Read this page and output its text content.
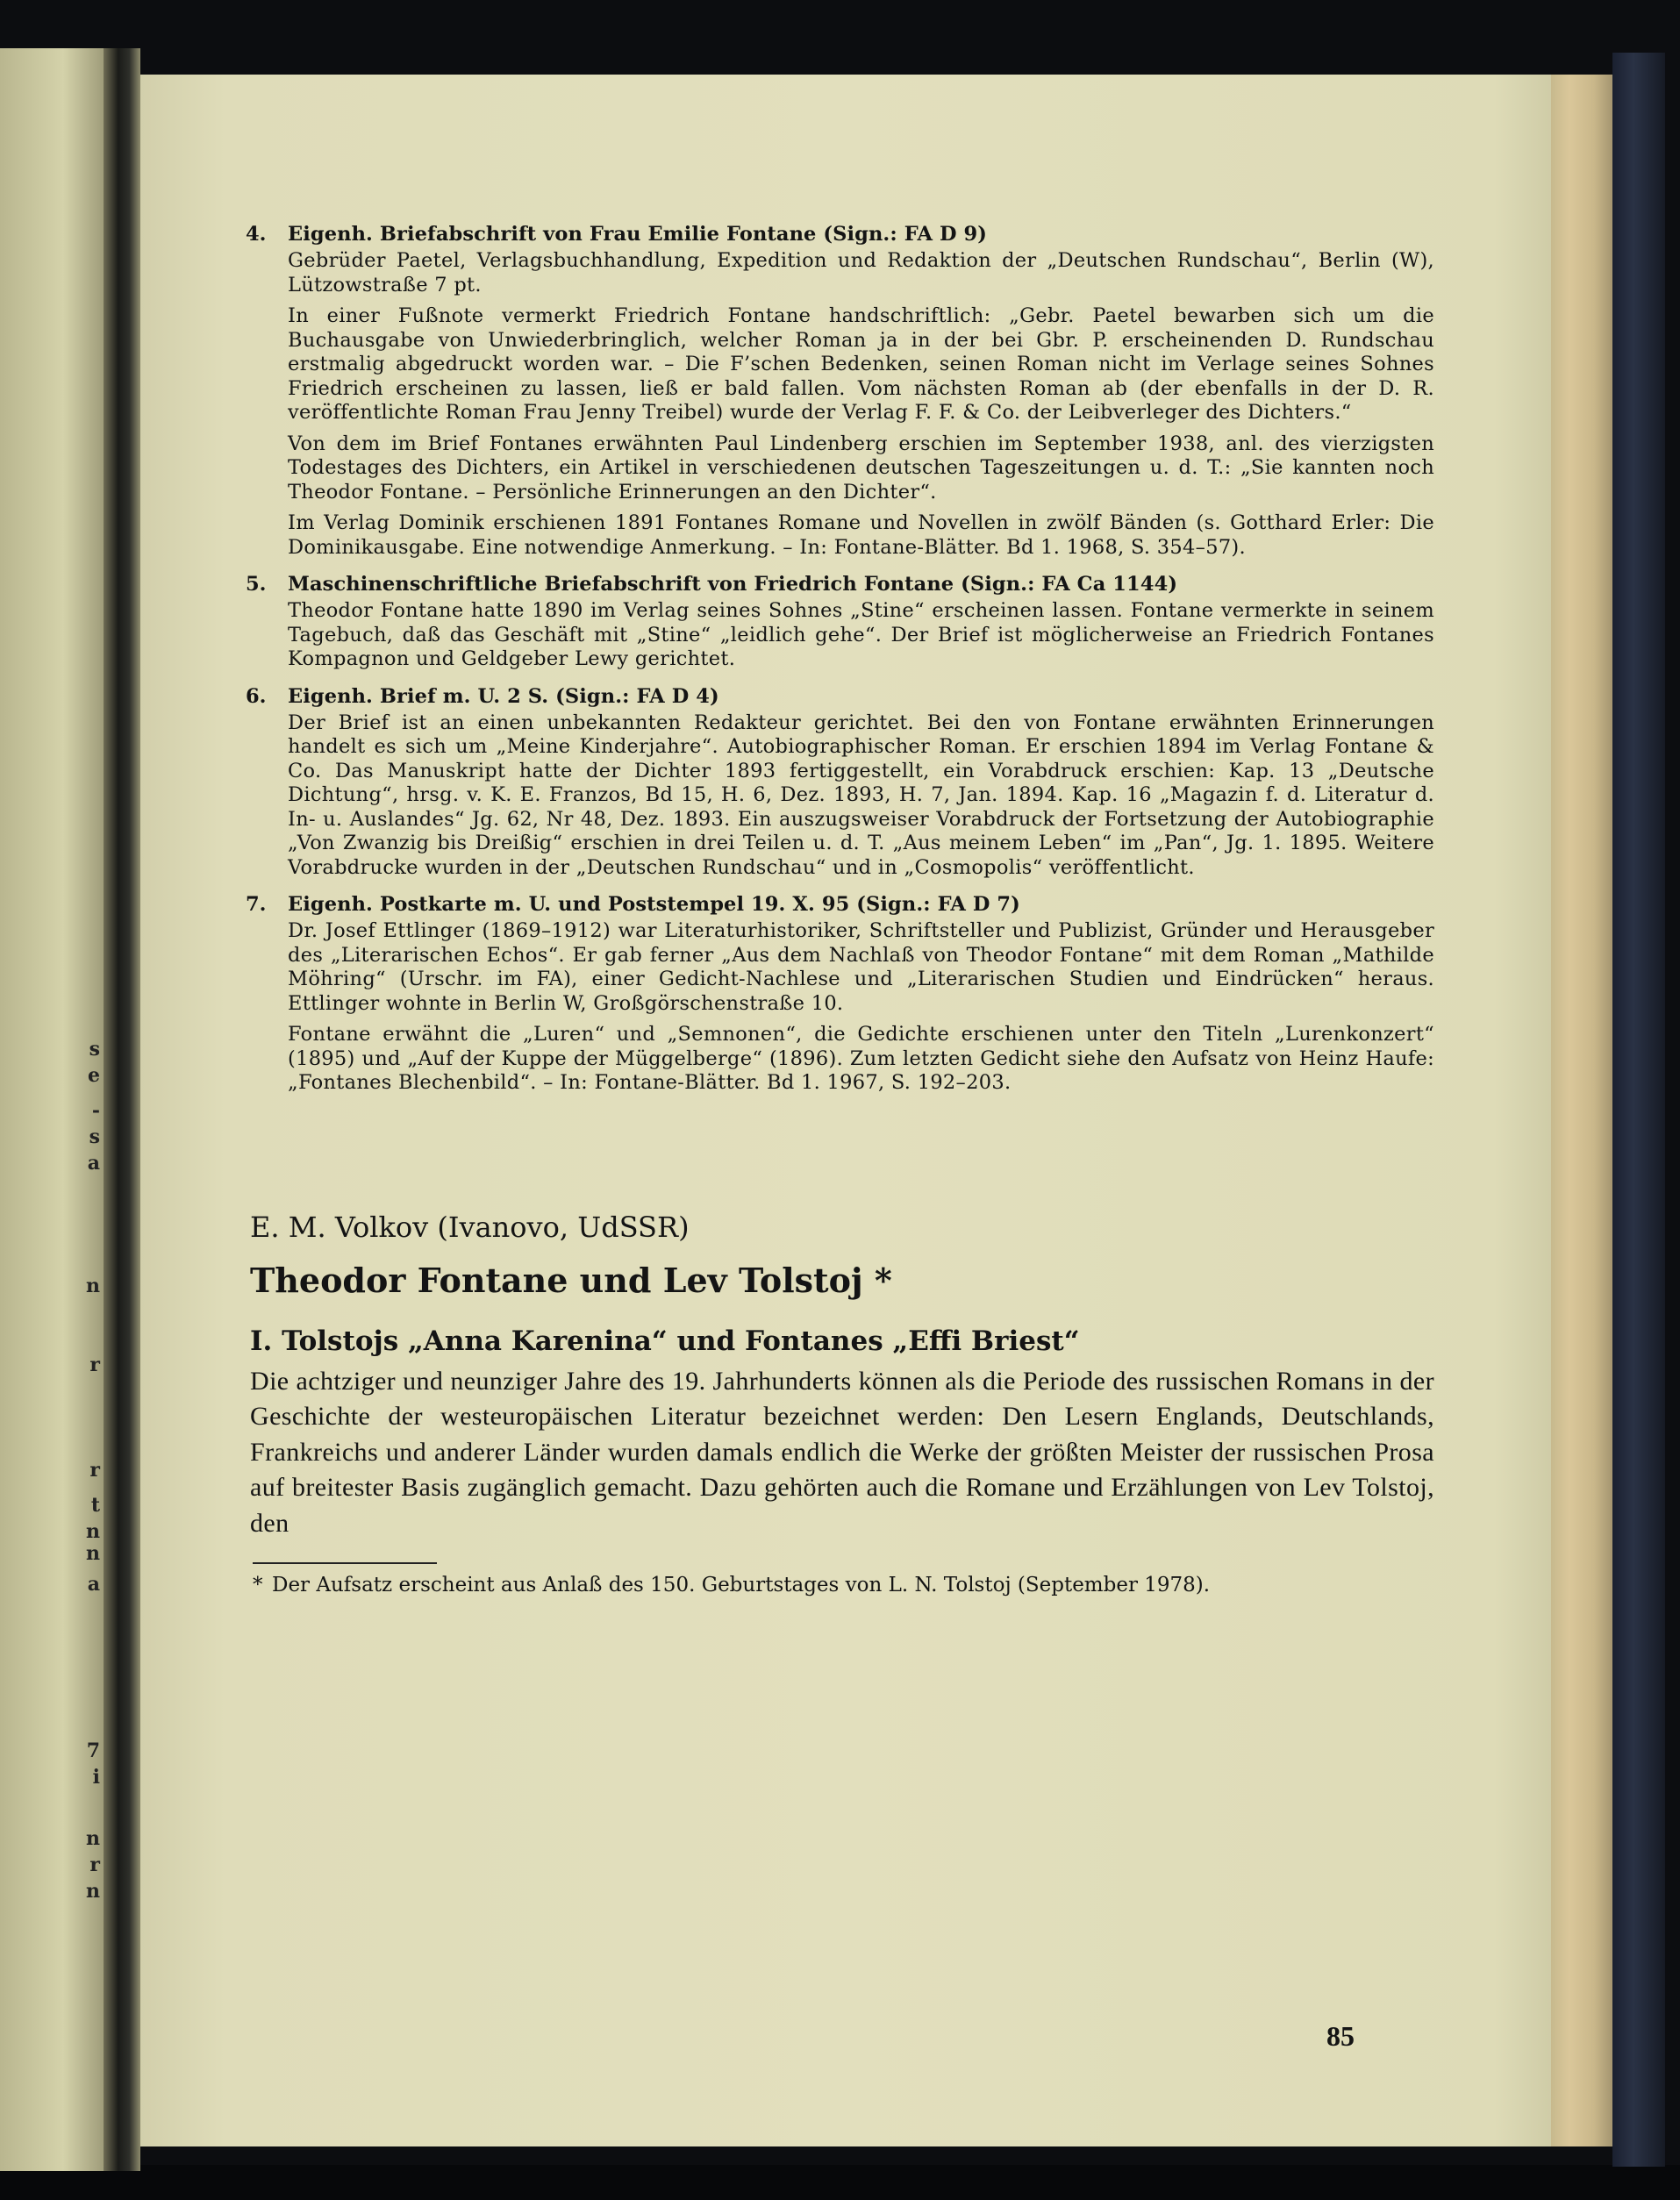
s
e
-
s
a
n
r
r
t
n
n
a
7
i
n
r
n
4. Eigenh. Briefabschrift von Frau Emilie Fontane (Sign.: FA D 9)
Gebrüder Paetel, Verlagsbuchhandlung, Expedition und Redaktion der „Deutschen Rundschau“, Berlin (W), Lützowstraße 7 pt.
In einer Fußnote vermerkt Friedrich Fontane handschriftlich: „Gebr. Paetel bewarben sich um die Buchausgabe von Unwiederbringlich, welcher Roman ja in der bei Gbr. P. erscheinenden D. Rundschau erstmalig abgedruckt worden war. – Die F’schen Bedenken, seinen Roman nicht im Verlage seines Sohnes Friedrich erscheinen zu lassen, ließ er bald fallen. Vom nächsten Roman ab (der ebenfalls in der D. R. veröffentlichte Roman Frau Jenny Treibel) wurde der Verlag F. F. & Co. der Leibverleger des Dichters.“
Von dem im Brief Fontanes erwähnten Paul Lindenberg erschien im September 1938, anl. des vierzigsten Todestages des Dichters, ein Artikel in verschiedenen deutschen Tageszeitungen u. d. T.: „Sie kannten noch Theodor Fontane. – Persönliche Erinnerungen an den Dichter“.
Im Verlag Dominik erschienen 1891 Fontanes Romane und Novellen in zwölf Bänden (s. Gotthard Erler: Die Dominikausgabe. Eine notwendige Anmerkung. – In: Fontane-Blätter. Bd 1. 1968, S. 354–57).
5. Maschinenschriftliche Briefabschrift von Friedrich Fontane (Sign.: FA Ca 1144)
Theodor Fontane hatte 1890 im Verlag seines Sohnes „Stine“ erscheinen lassen. Fontane vermerkte in seinem Tagebuch, daß das Geschäft mit „Stine“ „leidlich gehe“. Der Brief ist möglicherweise an Friedrich Fontanes Kompagnon und Geldgeber Lewy gerichtet.
6. Eigenh. Brief m. U. 2 S. (Sign.: FA D 4)
Der Brief ist an einen unbekannten Redakteur gerichtet. Bei den von Fontane erwähnten Erinnerungen handelt es sich um „Meine Kinderjahre“. Autobiographischer Roman. Er erschien 1894 im Verlag Fontane & Co. Das Manuskript hatte der Dichter 1893 fertiggestellt, ein Vorabdruck erschien: Kap. 13 „Deutsche Dichtung“, hrsg. v. K. E. Franzos, Bd 15, H. 6, Dez. 1893, H. 7, Jan. 1894. Kap. 16 „Magazin f. d. Literatur d. In- u. Auslandes“ Jg. 62, Nr 48, Dez. 1893. Ein auszugsweiser Vorabdruck der Fortsetzung der Autobiographie „Von Zwanzig bis Dreißig“ erschien in drei Teilen u. d. T. „Aus meinem Leben“ im „Pan“, Jg. 1. 1895. Weitere Vorabdrucke wurden in der „Deutschen Rundschau“ und in „Cosmopolis“ veröffentlicht.
7. Eigenh. Postkarte m. U. und Poststempel 19. X. 95 (Sign.: FA D 7)
Dr. Josef Ettlinger (1869–1912) war Literaturhistoriker, Schriftsteller und Publizist, Gründer und Herausgeber des „Literarischen Echos“. Er gab ferner „Aus dem Nachlaß von Theodor Fontane“ mit dem Roman „Mathilde Möhring“ (Urschr. im FA), einer Gedicht-Nachlese und „Literarischen Studien und Eindrücken“ heraus. Ettlinger wohnte in Berlin W, Großgörschenstraße 10.
Fontane erwähnt die „Luren“ und „Semnonen“, die Gedichte erschienen unter den Titeln „Lurenkonzert“ (1895) und „Auf der Kuppe der Müggelberge“ (1896). Zum letzten Gedicht siehe den Aufsatz von Heinz Haufe: „Fontanes Blechenbild“. – In: Fontane-Blätter. Bd 1. 1967, S. 192–203.
E. M. Volkov (Ivanovo, UdSSR)
Theodor Fontane und Lev Tolstoj *
I. Tolstojs „Anna Karenina“ und Fontanes „Effi Briest“
Die achtziger und neunziger Jahre des 19. Jahrhunderts können als die Periode des russischen Romans in der Geschichte der westeuropäischen Literatur bezeichnet werden: Den Lesern Englands, Deutschlands, Frankreichs und anderer Länder wurden damals endlich die Werke der größten Meister der russischen Prosa auf breitester Basis zugänglich gemacht. Dazu gehörten auch die Romane und Erzählungen von Lev Tolstoj, den
* Der Aufsatz erscheint aus Anlaß des 150. Geburtstages von L. N. Tolstoj (September 1978).
85
